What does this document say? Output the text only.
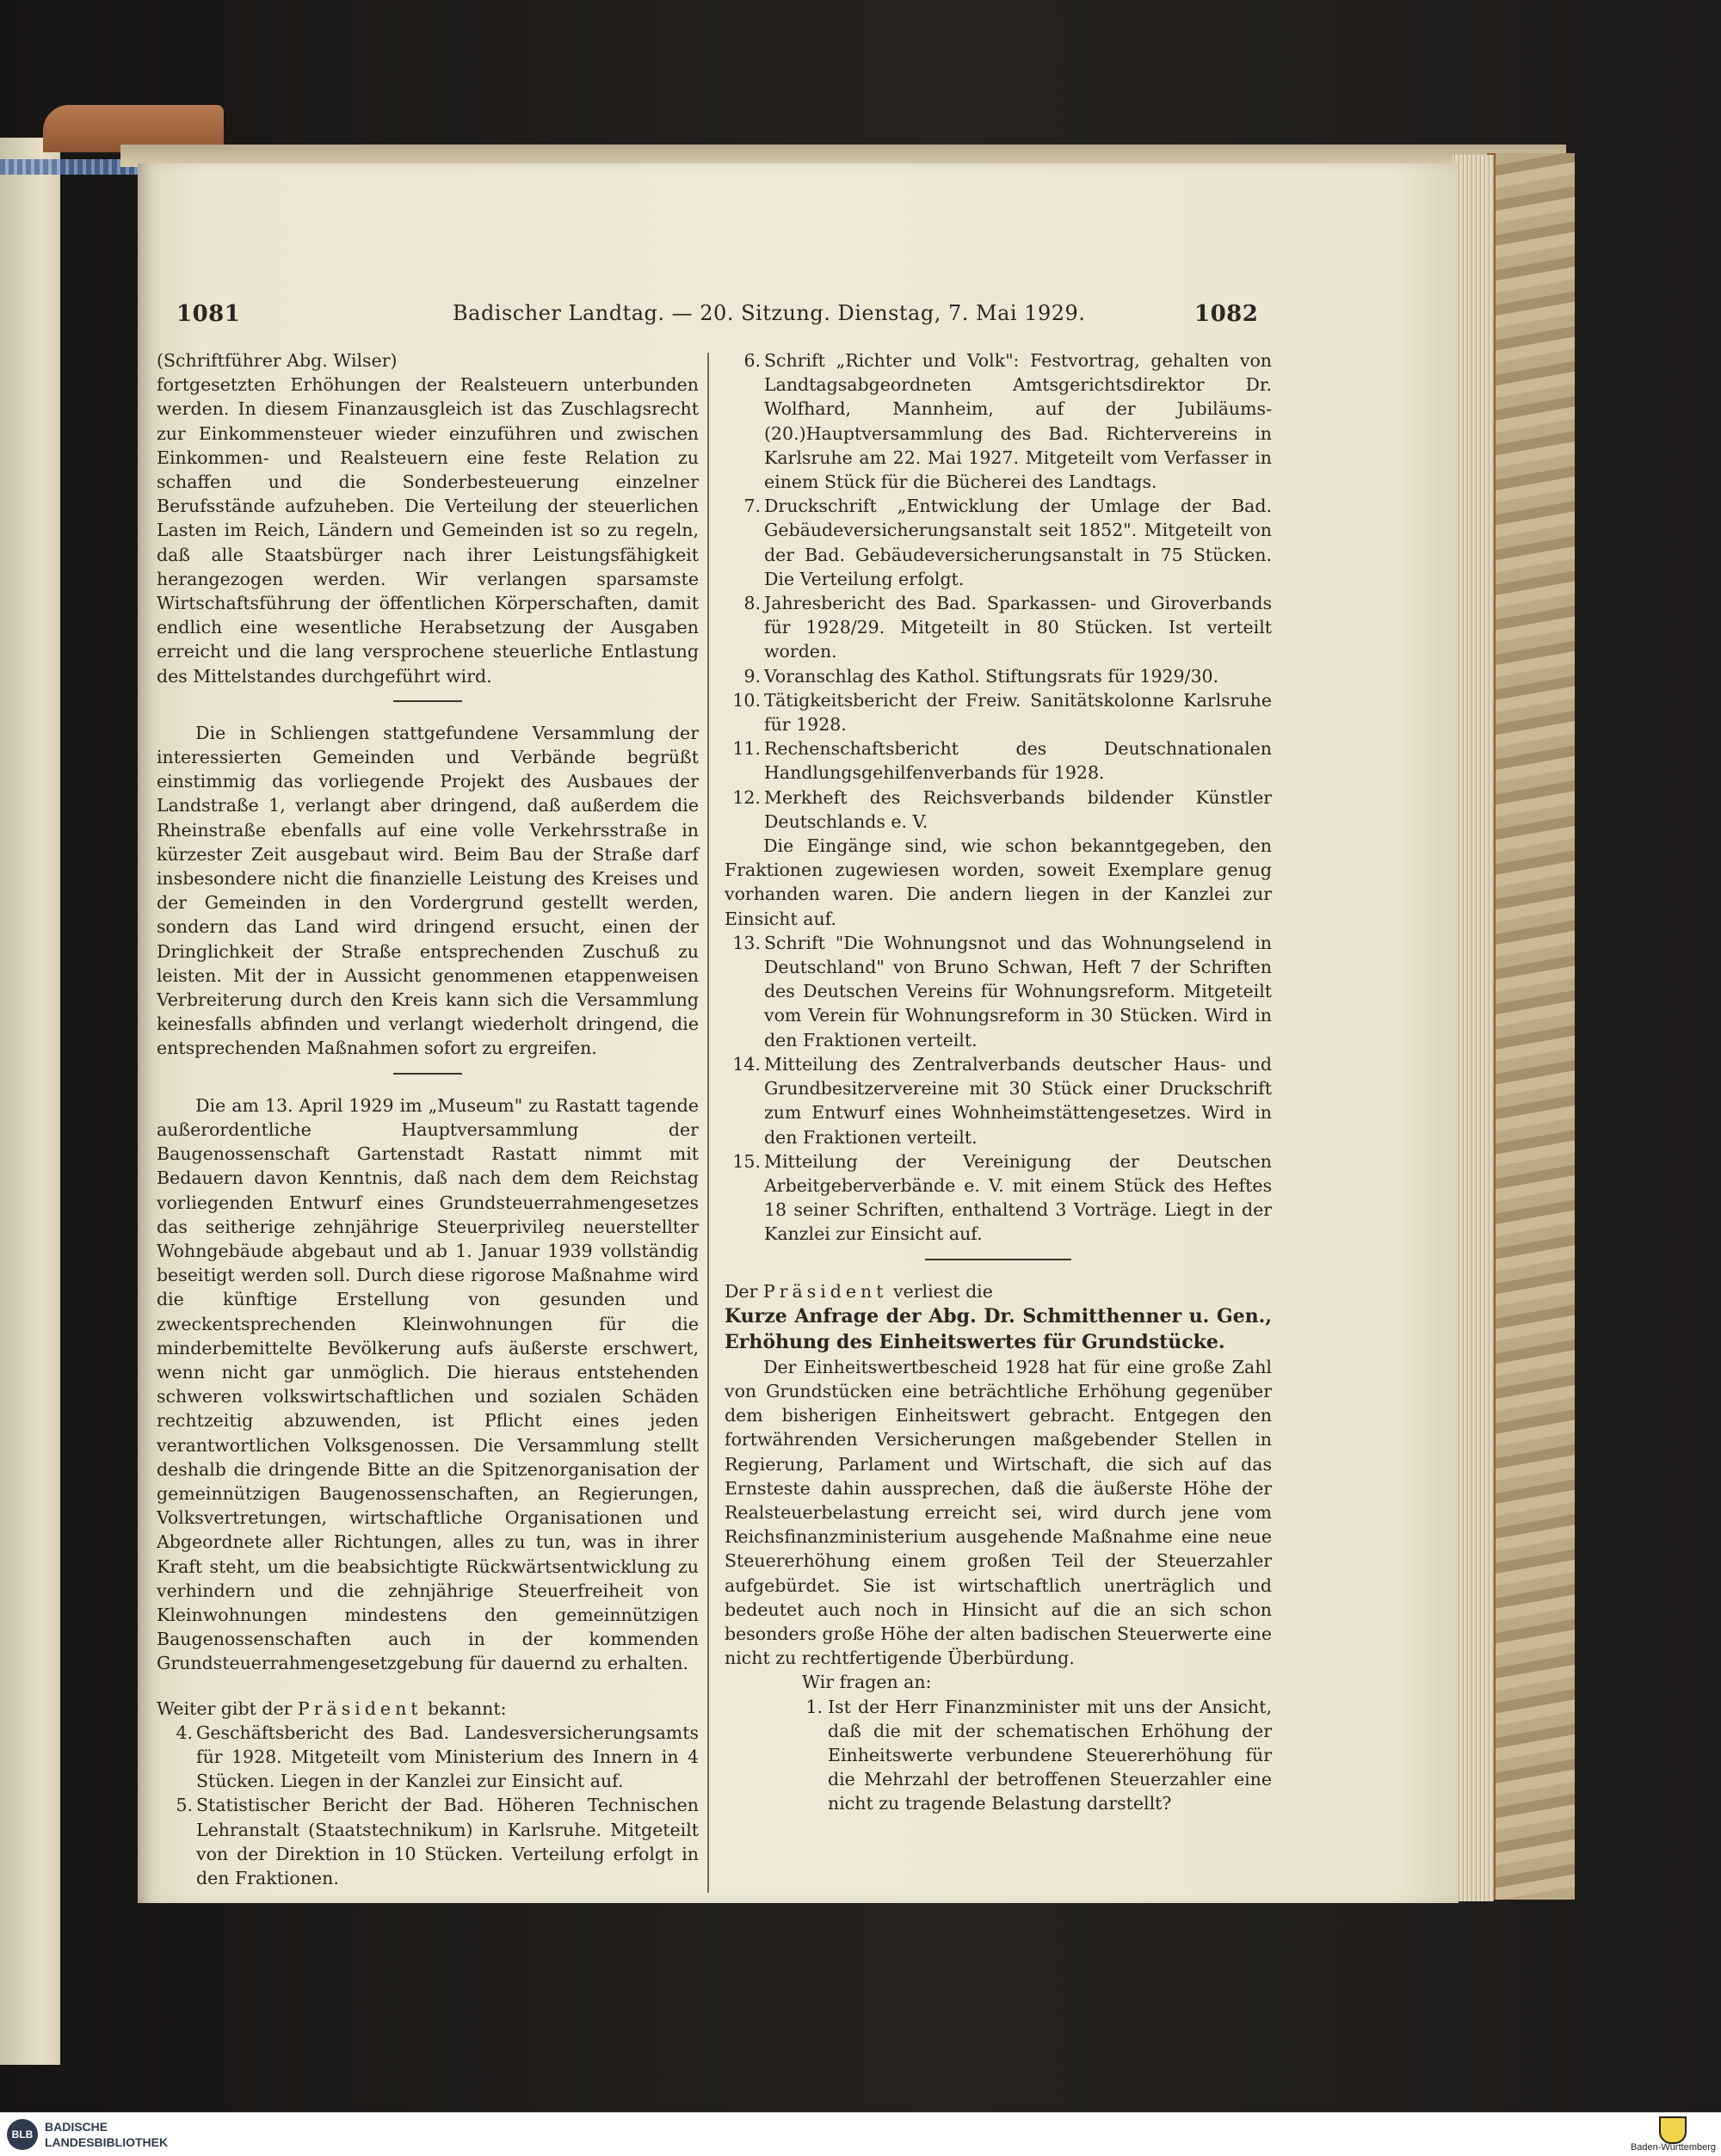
1081	Badischer Landtag. — 20. Sitzung. Dienstag, 7. Mai 1929.	1082

(Schriftführer Abg. Wilser)

fortgesetzten Erhöhungen der Realsteuern unterbunden werden. In diesem Finanzausgleich ist das Zuschlagsrecht zur Einkommensteuer wieder einzuführen und zwischen Einkommen- und Realsteuern eine feste Relation zu schaffen und die Sonderbesteuerung einzelner Berufsstände aufzuheben. Die Verteilung der steuerlichen Lasten im Reich, Ländern und Gemeinden ist so zu regeln, daß alle Staatsbürger nach ihrer Leistungsfähigkeit herangezogen werden. Wir verlangen sparsamste Wirtschaftsführung der öffentlichen Körperschaften, damit endlich eine wesentliche Herabsetzung der Ausgaben erreicht und die lang versprochene steuerliche Entlastung des Mittelstandes durchgeführt wird.

Die in Schliengen stattgefundene Versammlung der interessierten Gemeinden und Verbände begrüßt einstimmig das vorliegende Projekt des Ausbaues der Landstraße 1, verlangt aber dringend, daß außerdem die Rheinstraße ebenfalls auf eine volle Verkehrsstraße in kürzester Zeit ausgebaut wird. Beim Bau der Straße darf insbesondere nicht die finanzielle Leistung des Kreises und der Gemeinden in den Vordergrund gestellt werden, sondern das Land wird dringend ersucht, einen der Dringlichkeit der Straße entsprechenden Zuschuß zu leisten. Mit der in Aussicht genommenen etappenweisen Verbreiterung durch den Kreis kann sich die Versammlung keinesfalls abfinden und verlangt wiederholt dringend, die entsprechenden Maßnahmen sofort zu ergreifen.

Die am 13. April 1929 im „Museum" zu Rastatt tagende außerordentliche Hauptversammlung der Baugenossenschaft Gartenstadt Rastatt nimmt mit Bedauern davon Kenntnis, daß nach dem dem Reichstag vorliegenden Entwurf eines Grundsteuerrahmengesetzes das seitherige zehnjährige Steuerprivileg neuerstellter Wohngebäude abgebaut und ab 1. Januar 1939 vollständig beseitigt werden soll. Durch diese rigorose Maßnahme wird die künftige Erstellung von gesunden und zweckentsprechenden Kleinwohnungen für die minderbemittelte Bevölkerung aufs äußerste erschwert, wenn nicht gar unmöglich. Die hieraus entstehenden schweren volkswirtschaftlichen und sozialen Schäden rechtzeitig abzuwenden, ist Pflicht eines jeden verantwortlichen Volksgenossen. Die Versammlung stellt deshalb die dringende Bitte an die Spitzenorganisation der gemeinnützigen Baugenossenschaften, an Regierungen, Volksvertretungen, wirtschaftliche Organisationen und Abgeordnete aller Richtungen, alles zu tun, was in ihrer Kraft steht, um die beabsichtigte Rückwärtsentwicklung zu verhindern und die zehnjährige Steuerfreiheit von Kleinwohnungen mindestens den gemeinnützigen Baugenossenschaften auch in der kommenden Grundsteuerrahmengesetzgebung für dauernd zu erhalten.

Weiter gibt der Präsident bekannt:

4. Geschäftsbericht des Bad. Landesversicherungsamts für 1928. Mitgeteilt vom Ministerium des Innern in 4 Stücken. Liegen in der Kanzlei zur Einsicht auf.
5. Statistischer Bericht der Bad. Höheren Technischen Lehranstalt (Staatstechnikum) in Karlsruhe. Mitgeteilt von der Direktion in 10 Stücken. Verteilung erfolgt in den Fraktionen.
6. Schrift „Richter und Volk": Festvortrag, gehalten von Landtagsabgeordneten Amtsgerichtsdirektor Dr. Wolfhard, Mannheim, auf der Jubiläums-(20.)Hauptversammlung des Bad. Richtervereins in Karlsruhe am 22. Mai 1927. Mitgeteilt vom Verfasser in einem Stück für die Bücherei des Landtags.
7. Druckschrift „Entwicklung der Umlage der Bad. Gebäudeversicherungsanstalt seit 1852". Mitgeteilt von der Bad. Gebäudeversicherungsanstalt in 75 Stücken. Die Verteilung erfolgt.
8. Jahresbericht des Bad. Sparkassen- und Giroverbands für 1928/29. Mitgeteilt in 80 Stücken. Ist verteilt worden.
9. Voranschlag des Kathol. Stiftungsrats für 1929/30.
10. Tätigkeitsbericht der Freiw. Sanitätskolonne Karlsruhe für 1928.
11. Rechenschaftsbericht des Deutschnationalen Handlungsgehilfenverbands für 1928.
12. Merkheft des Reichsverbands bildender Künstler Deutschlands e. V.

Die Eingänge sind, wie schon bekanntgegeben, den Fraktionen zugewiesen worden, soweit Exemplare genug vorhanden waren. Die andern liegen in der Kanzlei zur Einsicht auf.

13. Schrift "Die Wohnungsnot und das Wohnungselend in Deutschland" von Bruno Schwan, Heft 7 der Schriften des Deutschen Vereins für Wohnungsreform. Mitgeteilt vom Verein für Wohnungsreform in 30 Stücken. Wird in den Fraktionen verteilt.
14. Mitteilung des Zentralverbands deutscher Haus- und Grundbesitzervereine mit 30 Stück einer Druckschrift zum Entwurf eines Wohnheimstättengesetzes. Wird in den Fraktionen verteilt.
15. Mitteilung der Vereinigung der Deutschen Arbeitgeberverbände e. V. mit einem Stück des Heftes 18 seiner Schriften, enthaltend 3 Vorträge. Liegt in der Kanzlei zur Einsicht auf.

Der Präsident verliest die

Kurze Anfrage der Abg. Dr. Schmitthenner u. Gen., Erhöhung des Einheitswertes für Grundstücke.

Der Einheitswertbescheid 1928 hat für eine große Zahl von Grundstücken eine beträchtliche Erhöhung gegenüber dem bisherigen Einheitswert gebracht. Entgegen den fortwährenden Versicherungen maßgebender Stellen in Regierung, Parlament und Wirtschaft, die sich auf das Ernsteste dahin aussprechen, daß die äußerste Höhe der Realsteuerbelastung erreicht sei, wird durch jene vom Reichsfinanzministerium ausgehende Maßnahme eine neue Steuererhöhung einem großen Teil der Steuerzahler aufgebürdet. Sie ist wirtschaftlich unerträglich und bedeutet auch noch in Hinsicht auf die an sich schon besonders große Höhe der alten badischen Steuerwerte eine nicht zu rechtfertigende Überbürdung.

Wir fragen an:

1. Ist der Herr Finanzminister mit uns der Ansicht, daß die mit der schematischen Erhöhung der Einheitswerte verbundene Steuererhöhung für die Mehrzahl der betroffenen Steuerzahler eine nicht zu tragende Belastung darstellt?
BLB
BADISCHE
LANDESBIBLIOTHEK	Baden-Württemberg
